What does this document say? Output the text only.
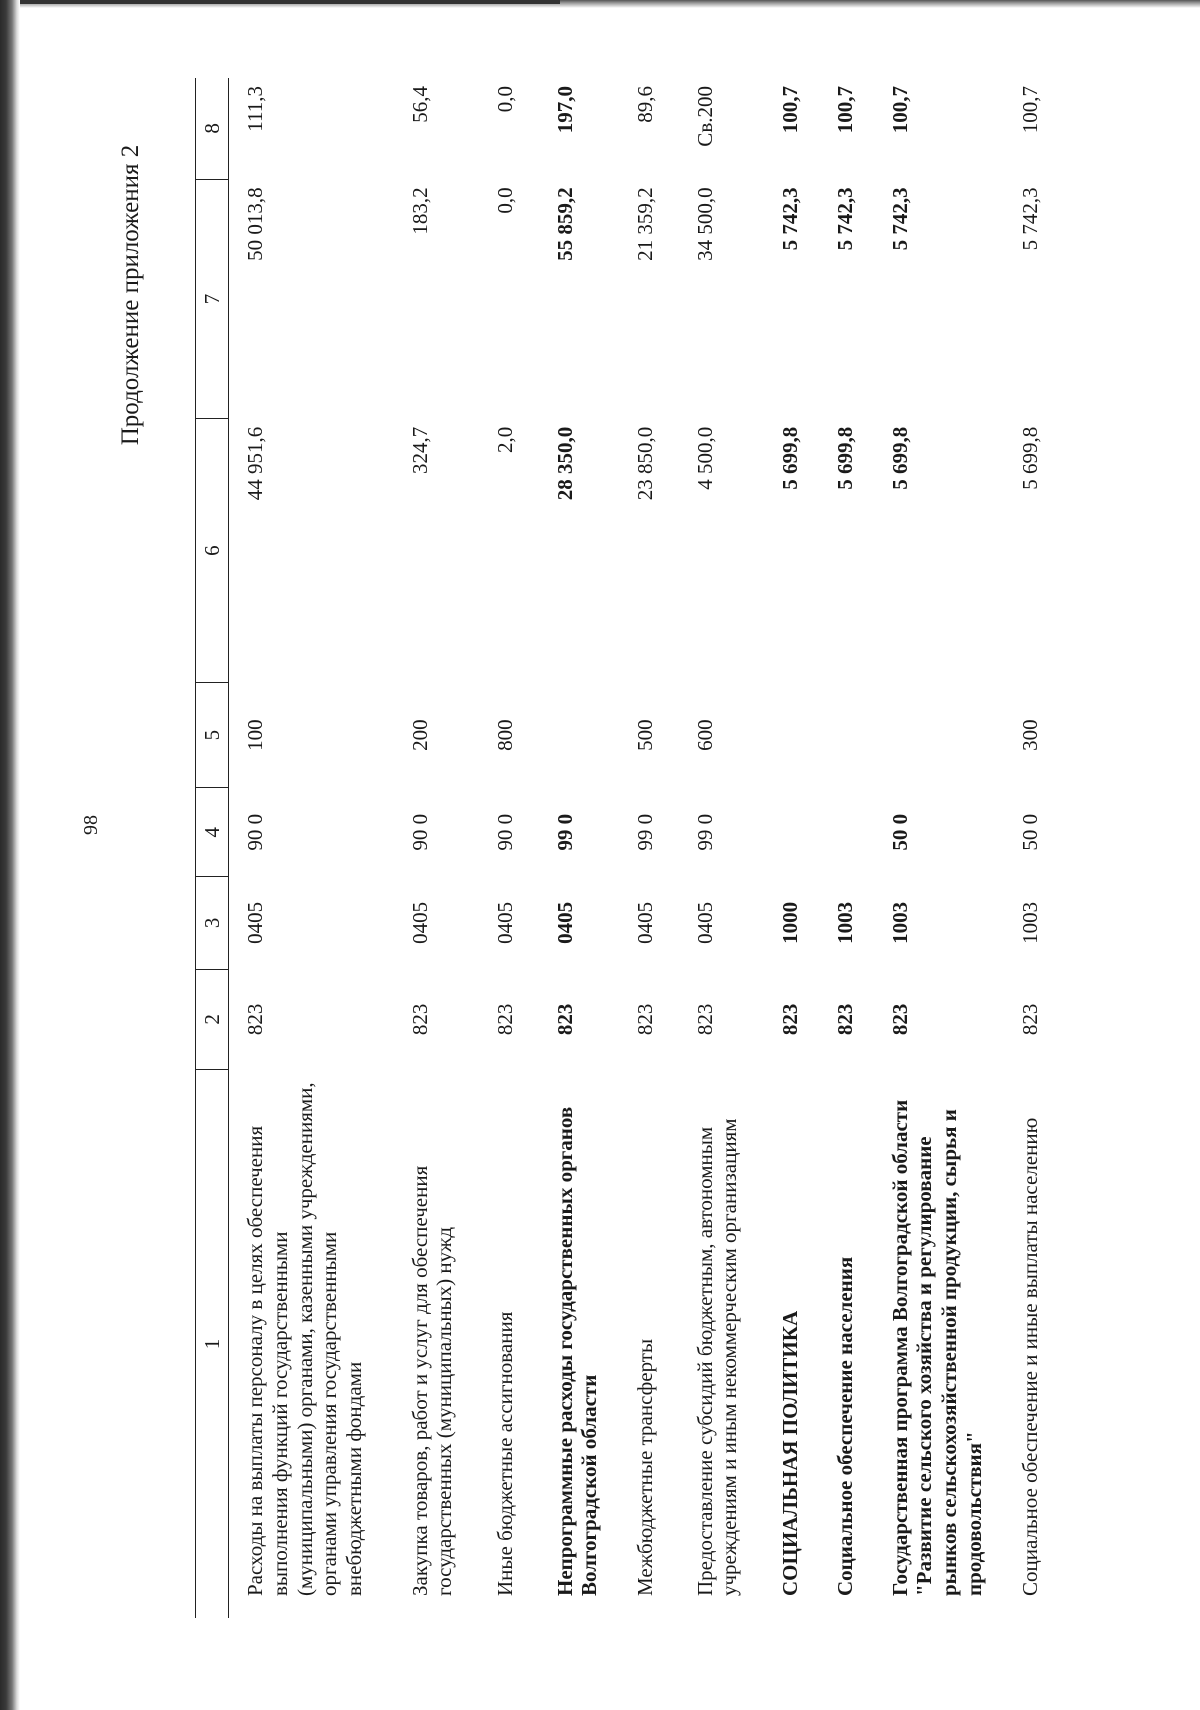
98
Продолжение приложения 2
1	2	3	4	5	6	7	8
Расходы на выплаты персоналу в целях обеспечения выполнения функций государственными (муниципальными) органами, казенными учреждениями, органами управления государственными внебюджетными фондами	823	0405	90 0	100	44 951,6	50 013,8	111,3
Закупка товаров, работ и услуг для обеспечения государственных (муниципальных) нужд	823	0405	90 0	200	324,7	183,2	56,4
Иные бюджетные ассигнования	823	0405	90 0	800	2,0	0,0	0,0
Непрограммные расходы государственных органов Волгоградской области	823	0405	99 0		28 350,0	55 859,2	197,0
Межбюджетные трансферты	823	0405	99 0	500	23 850,0	21 359,2	89,6
Предоставление субсидий бюджетным, автономным учреждениям и иным некоммерческим организациям	823	0405	99 0	600	4 500,0	34 500,0	Св.200
СОЦИАЛЬНАЯ ПОЛИТИКА	823	1000			5 699,8	5 742,3	100,7
Социальное обеспечение населения	823	1003			5 699,8	5 742,3	100,7
Государственная программа Волгоградской области "Развитие сельского хозяйства и регулирование рынков сельскохозяйственной продукции, сырья и продовольствия"	823	1003	50 0		5 699,8	5 742,3	100,7
Социальное обеспечение и иные выплаты населению	823	1003	50 0	300	5 699,8	5 742,3	100,7
